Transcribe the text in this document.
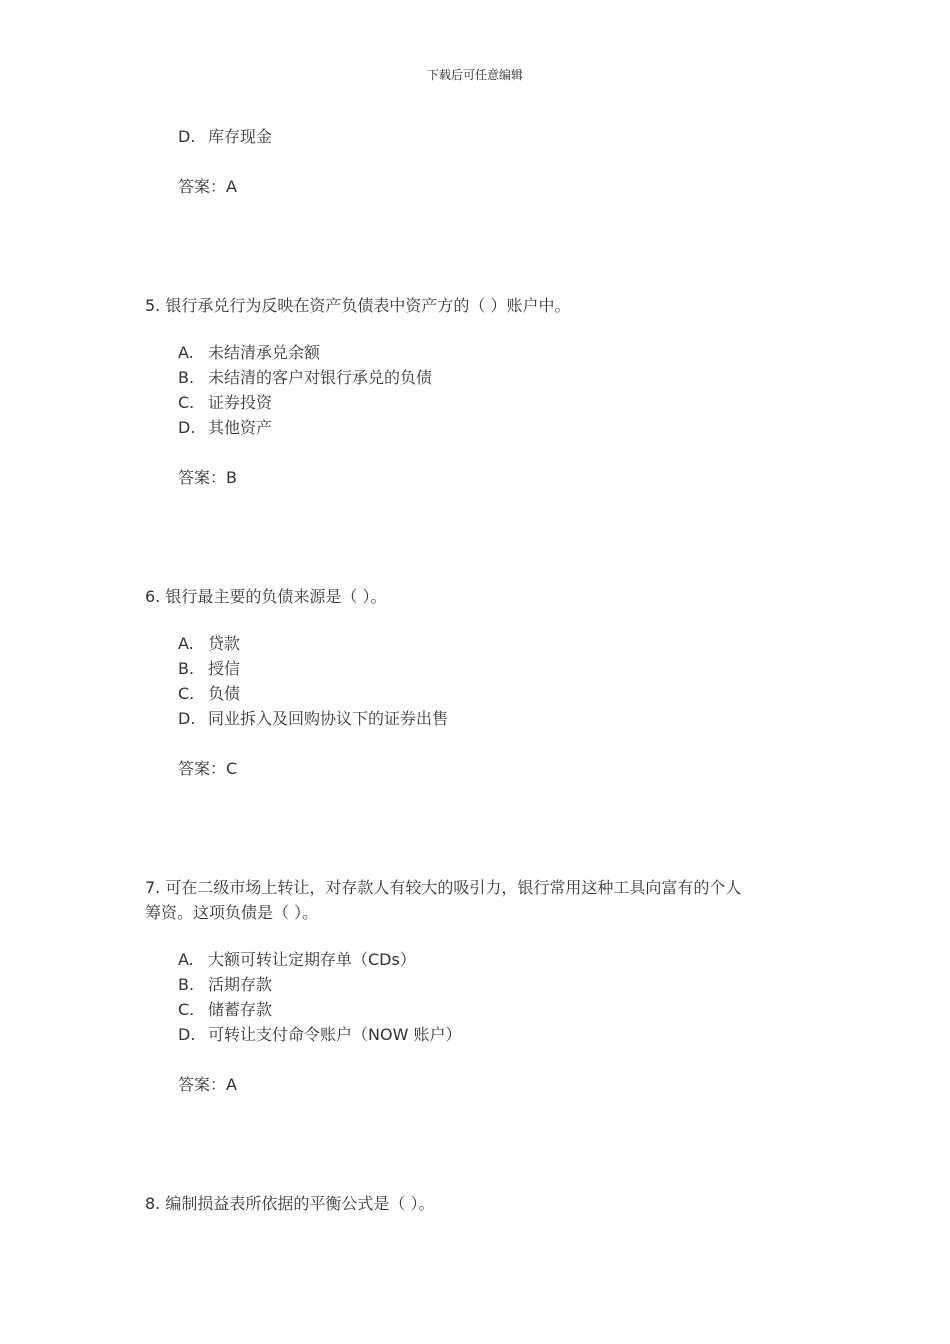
下载后可任意编辑
D. 库存现金
答案：A
5. 银行承兑行为反映在资产负债表中资产方的（ ）账户中。
A. 未结清承兑余额
B. 未结清的客户对银行承兑的负债
C. 证券投资
D. 其他资产
答案：B
6. 银行最主要的负债来源是（ ）。
A. 贷款
B. 授信
C. 负债
D. 同业拆入及回购协议下的证券出售
答案：C
7. 可在二级市场上转让，对存款人有较大的吸引力，银行常用这种工具向富有的个人
筹资。这项负债是（ ）。
A. 大额可转让定期存单（CDs）
B. 活期存款
C. 储蓄存款
D. 可转让支付命令账户（NOW 账户）
答案：A
8. 编制损益表所依据的平衡公式是（ ）。
